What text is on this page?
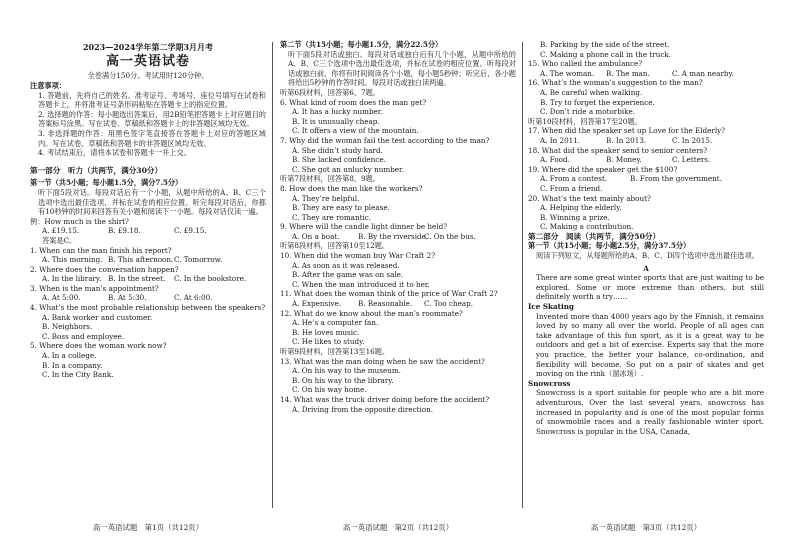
2023—2024学年第二学期3月月考
高一英语试卷
全卷满分150分。考试用时120分钟。
注意事项：
1. 答题前，先将自己的姓名、准考证号、考场号、座位号填写在试卷和答题卡上，并将准考证号条形码粘贴在答题卡上的指定位置。
2. 选择题的作答：每小题选出答案后，用2B铅笔把答题卡上对应题目的答案标号涂黑。写在试卷、草稿纸和答题卡上的非答题区域均无效。
3. 非选择题的作答：用黑色签字笔直接答在答题卡上对应的答题区域内。写在试卷、草稿纸和答题卡的非答题区域均无效。
4. 考试结束后，请将本试卷和答题卡一并上交。
第一部分　听力（共两节，满分30分）
第一节（共5小题；每小题1.5分，满分7.5分）
听下面5段对话。每段对话后有一个小题，从题中所给的A、B、C三个选项中选出最佳选项，并标在试卷的相应位置。听完每段对话后，你都有10秒钟的时间来回答有关小题和阅读下一小题。每段对话仅读一遍。
例：How much is the shirt?
A. £19.15.	B. £9.18.	C. £9.15.
答案是C。
1. When can the man finish his report?
A. This morning. B. This afternoon. C. Tomorrow.
2. Where does the conversation happen?
A. In the library. B. In the street.	C. In the bookstore.
3. When is the man’s appointment?
A. At 5:00.	B. At 5:30.	C. At 6:00.
4. What’s the most probable relationship between the speakers?
A. Bank worker and customer.
B. Neighbors.
C. Boss and employee.
5. Where does the woman work now?
A. In a college.
B. In a company.
C. In the City Bank.
第二节（共15小题；每小题1.5分，满分22.5分）
听下面5段对话或独白。每段对话或独白后有几个小题，从题中所给的A、B、C三个选项中选出最佳选项，并标在试卷的相应位置。听每段对话或独白前，你将有时间阅读各个小题，每小题5秒钟；听完后，各小题将给出5秒钟的作答时间。每段对话或独白读两遍。
听第6段材料，回答第6、7题。
6. What kind of room does the man get?
A. It has a lucky number.
B. It is unusually cheap.
C. It offers a view of the mountain.
7. Why did the woman fail the test according to the man?
A. She didn’t study hard.
B. She lacked confidence.
C. She got an unlucky number.
听第7段材料，回答第8、9题。
8. How does the man like the workers?
A. They’re helpful.
B. They are easy to please.
C. They are romantic.
9. Where will the candle light dinner be held?
A. On a boat.	B. By the riverside.
C. On the bus.
听第8段材料，回答第10至12题。
10. When did the woman buy War Craft 2?
A. As soon as it was released.
B. After the game was on sale.
C. When the man introduced it to her.
11. What does the woman think of the price of War Craft 2?
A. Expensive.	B. Reasonable.	C. Too cheap.
12. What do we know about the man’s roommate?
A. He’s a computer fan.
B. He loves music.
C. He likes to study.
听第9段材料，回答第13至16题。
13. What was the man doing when he saw the accident?
A. On his way to the museum.
B. On his way to the library.
C. On his way home.
14. What was the truck driver doing before the accident?
A. Driving from the opposite direction.
B. Parking by the side of the street.
C. Making a phone call in the truck.
15. Who called the ambulance?
A. The woman.	B. The man.	C. A man nearby.
16. What’s the woman’s suggestion to the man?
A. Be careful when walking.
B. Try to forget the experience.
C. Don’t ride a motorbike.
听第10段材料，回答第17至20题。
17. When did the speaker set up Love for the Elderly?
A. In 2011.	B. In 2013.	C. In 2015.
18. What did the speaker send to senior centers?
A. Food.	B. Money.	C. Letters.
19. Where did the speaker get the $100?
A. From a contest.	B. From the government.
C. From a friend.
20. What’s the text mainly about?
A. Helping the elderly.
B. Winning a prize.
C. Making a contribution.
第二部分　阅读（共两节，满分50分）
第一节（共15小题；每小题2.5分，满分37.5分）
阅读下列短文，从每题所给的A、B、C、D四个选项中选出最佳选项。
A
There are some great winter sports that are just waiting to be explored. Some or more extreme than others, but still definitely worth a try……
Ice Skating
Invented more than 4000 years ago by the Finnish, it remains loved by so many all over the world. People of all ages can take advantage of this fun sport, as it is a great way to be outdoors and get a bit of exercise. Experts say that the more you practice, the better your balance, co-ordination, and flexibility will become. So put on a pair of skates and get moving on the rink（溜冰场）.
Snowcross
Snowcross is a sport suitable for people who are a bit more adventurous. Over the last several years, snowcross has increased in popularity and is one of the most popular forms of snowmobile races and a really fashionable winter sport. Snowcross is popular in the USA, Canada,
高一英语试题　第1页（共12页）	高一英语试题　第2页（共12页）	高一英语试题　第3页（共12页）
